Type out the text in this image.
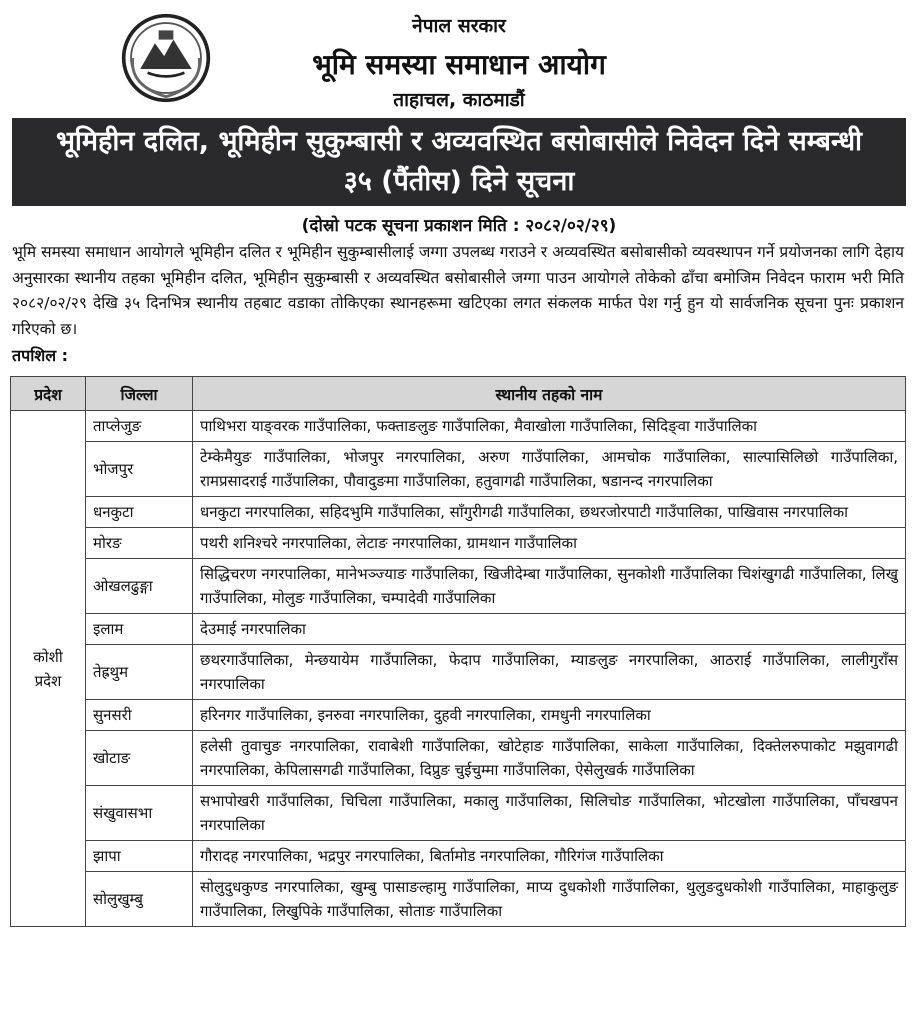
नेपाल सरकार
भूमि समस्या समाधान आयोग
ताहाचल, काठमाडौं
भूमिहीन दलित, भूमिहीन सुकुम्बासी र अव्यवस्थित बसोबासीले निवेदन दिने सम्बन्धी
३५ (पैंतीस) दिने सूचना
(दोस्रो पटक सूचना प्रकाशन मिति : २०८२/०२/२९)
भूमि समस्या समाधान आयोगले भूमिहीन दलित र भूमिहीन सुकुम्बासीलाई जग्गा उपलब्ध गराउने र अव्यवस्थित बसोबासीको व्यवस्थापन गर्ने प्रयोजनका लागि देहाय अनुसारका स्थानीय तहका भूमिहीन दलित, भूमिहीन सुकुम्बासी र अव्यवस्थित बसोबासीले जग्गा पाउन आयोगले तोकेको ढाँचा बमोजिम निवेदन फाराम भरी मिति २०८२/०२/२९ देखि ३५ दिनभित्र स्थानीय तहबाट वडाका तोकिएका स्थानहरूमा खटिएका लगत संकलक मार्फत पेश गर्नु हुन यो सार्वजनिक सूचना पुनः प्रकाशन गरिएको छ।
तपशिल :
प्रदेश	जिल्ला	स्थानीय तहको नाम

कोशी प्रदेश	ताप्लेजुङ	पाथिभरा याङ्वरक गाउँपालिका, फक्ताङलुङ गाउँपालिका, मैवाखोला गाउँपालिका, सिदिङ्वा गाउँपालिका
	भोजपुर	टेम्केमैयुङ गाउँपालिका, भोजपुर नगरपालिका, अरुण गाउँपालिका, आमचोक गाउँपालिका, साल्पासिलिछो गाउँपालिका, रामप्रसादराई गाउँपालिका, पौवादुङमा गाउँपालिका, हतुवागढी गाउँपालिका, षडानन्द नगरपालिका
	धनकुटा	धनकुटा नगरपालिका, सहिदभुमि गाउँपालिका, साँगुरीगढी गाउँपालिका, छथरजोरपाटी गाउँपालिका, पाखिवास नगरपालिका
	मोरङ	पथरी शनिश्चरे नगरपालिका, लेटाङ नगरपालिका, ग्रामथान गाउँपालिका
	ओखलढुङ्गा	सिद्धिचरण नगरपालिका, मानेभञ्ज्याङ गाउँपालिका, खिजीदेम्बा गाउँपालिका, सुनकोशी गाउँपालिका चिशंखुगढी गाउँपालिका, लिखु गाउँपालिका, मोलुङ गाउँपालिका, चम्पादेवी गाउँपालिका
	इलाम	देउमाई नगरपालिका
	तेह्रथुम	छथरगाउँपालिका, मेन्छयायेम गाउँपालिका, फेदाप गाउँपालिका, म्याङलुङ नगरपालिका, आठराई गाउँपालिका, लालीगुराँस नगरपालिका
	सुनसरी	हरिनगर गाउँपालिका, इनरुवा नगरपालिका, दुहवी नगरपालिका, रामधुनी नगरपालिका
	खोटाङ	हलेसी तुवाचुङ नगरपालिका, रावाबेशी गाउँपालिका, खोटेहाङ गाउँपालिका, साकेला गाउँपालिका, दिक्तेलरुपाकोट मझुवागढी नगरपालिका, केपिलासगढी गाउँपालिका, दिप्रुङ चुईचुम्मा गाउँपालिका, ऐसेलुखर्क गाउँपालिका
	संखुवासभा	सभापोखरी गाउँपालिका, चिचिला गाउँपालिका, मकालु गाउँपालिका, सिलिचोङ गाउँपालिका, भोटखोला गाउँपालिका, पाँचखपन नगरपालिका
	झापा	गौरादह नगरपालिका, भद्रपुर नगरपालिका, बिर्तामोड नगरपालिका, गौरिगंज गाउँपालिका
	सोलुखुम्बु	सोलुदुधकुण्ड नगरपालिका, खुम्बु पासाङल्हामु गाउँपालिका, माप्य दुधकोशी गाउँपालिका, थुलुङदुधकोशी गाउँपालिका, माहाकुलुङ गाउँपालिका, लिखुपिके गाउँपालिका, सोताङ गाउँपालिका
